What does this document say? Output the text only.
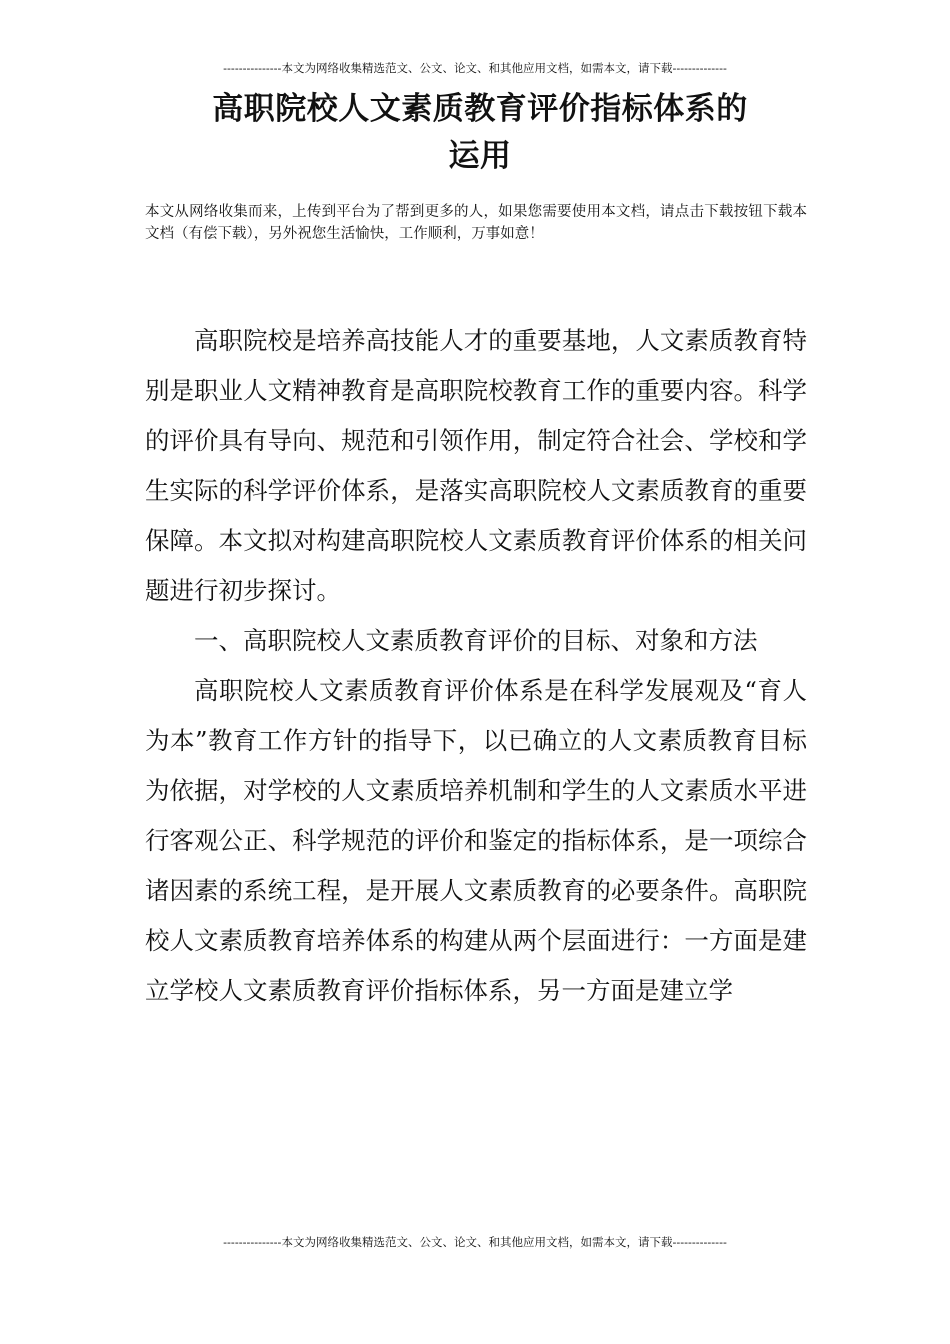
---------------本文为网络收集精选范文、公文、论文、和其他应用文档，如需本文，请下载--------------
高职院校人文素质教育评价指标体系的
运用
本文从网络收集而来，上传到平台为了帮到更多的人，如果您需要使用本文档，请点击下载按钮下载本文档（有偿下载），另外祝您生活愉快，工作顺利，万事如意！

高职院校是培养高技能人才的重要基地，人文素质教育特别是职业人文精神教育是高职院校教育工作的重要内容。科学的评价具有导向、规范和引领作用，制定符合社会、学校和学生实际的科学评价体系，是落实高职院校人文素质教育的重要保障。本文拟对构建高职院校人文素质教育评价体系的相关问题进行初步探讨。

一、高职院校人文素质教育评价的目标、对象和方法

高职院校人文素质教育评价体系是在科学发展观及“育人为本”教育工作方针的指导下，以已确立的人文素质教育目标为依据，对学校的人文素质培养机制和学生的人文素质水平进行客观公正、科学规范的评价和鉴定的指标体系，是一项综合诸因素的系统工程，是开展人文素质教育的必要条件。高职院校人文素质教育培养体系的构建从两个层面进行：一方面是建立学校人文素质教育评价指标体系，另一方面是建立学

---------------本文为网络收集精选范文、公文、论文、和其他应用文档，如需本文，请下载--------------
